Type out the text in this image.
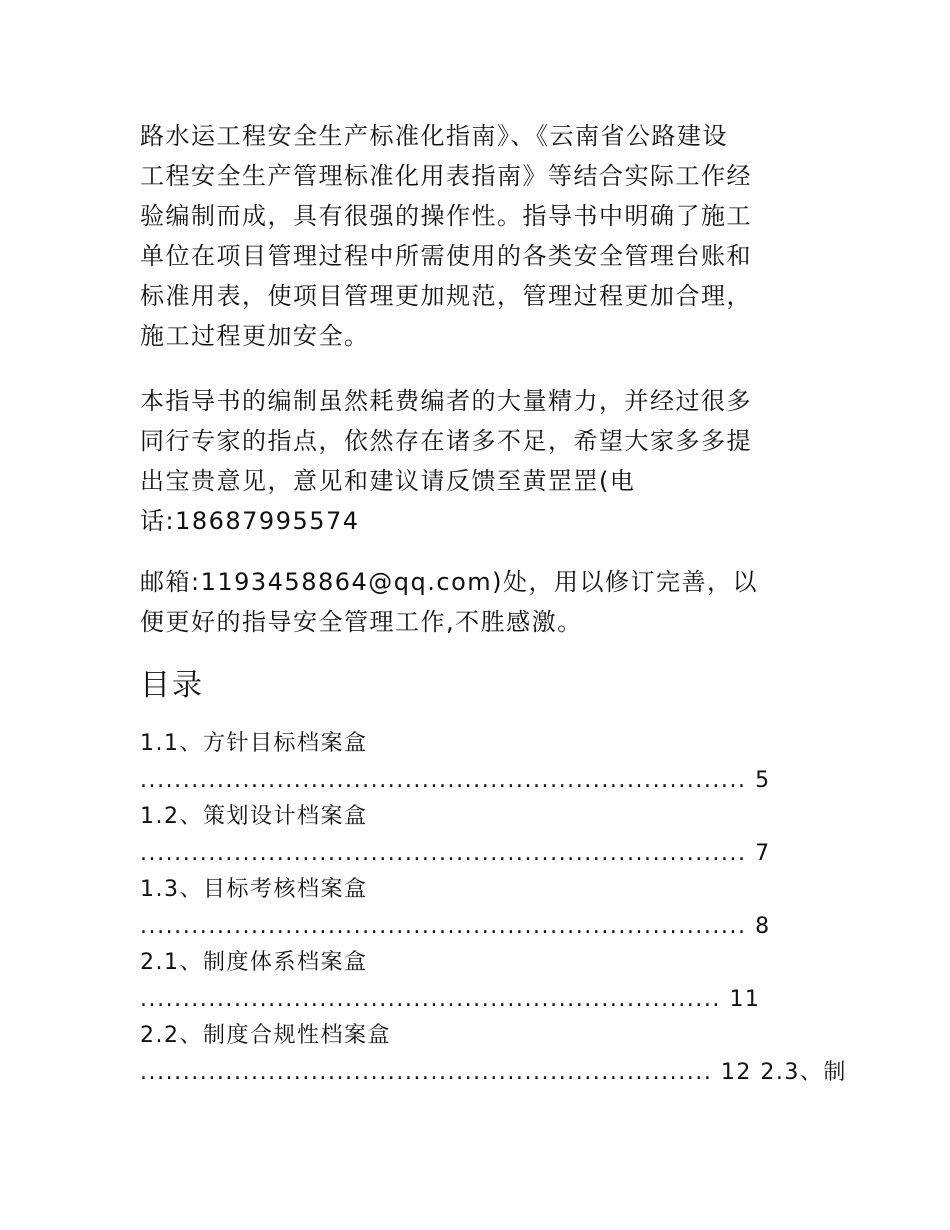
路水运工程安全生产标准化指南》、《云南省公路建设
工程安全生产管理标准化用表指南》等结合实际工作经
验编制而成，具有很强的操作性。指导书中明确了施工
单位在项目管理过程中所需使用的各类安全管理台账和
标准用表，使项目管理更加规范，管理过程更加合理，
施工过程更加安全。
本指导书的编制虽然耗费编者的大量精力，并经过很多
同行专家的指点，依然存在诸多不足，希望大家多多提
出宝贵意见，意见和建议请反馈至黄罡罡(电
话:18687995574
邮箱:1193458864@qq.com)处，用以修订完善，以
便更好的指导安全管理工作,不胜感激。
目录
1.1、方针目标档案盒
....................................................................... 5
1.2、策划设计档案盒
....................................................................... 7
1.3、目标考核档案盒
....................................................................... 8
2.1、制度体系档案盒
.................................................................... 11
2.2、制度合规性档案盒
................................................................... 12 2.3、制
